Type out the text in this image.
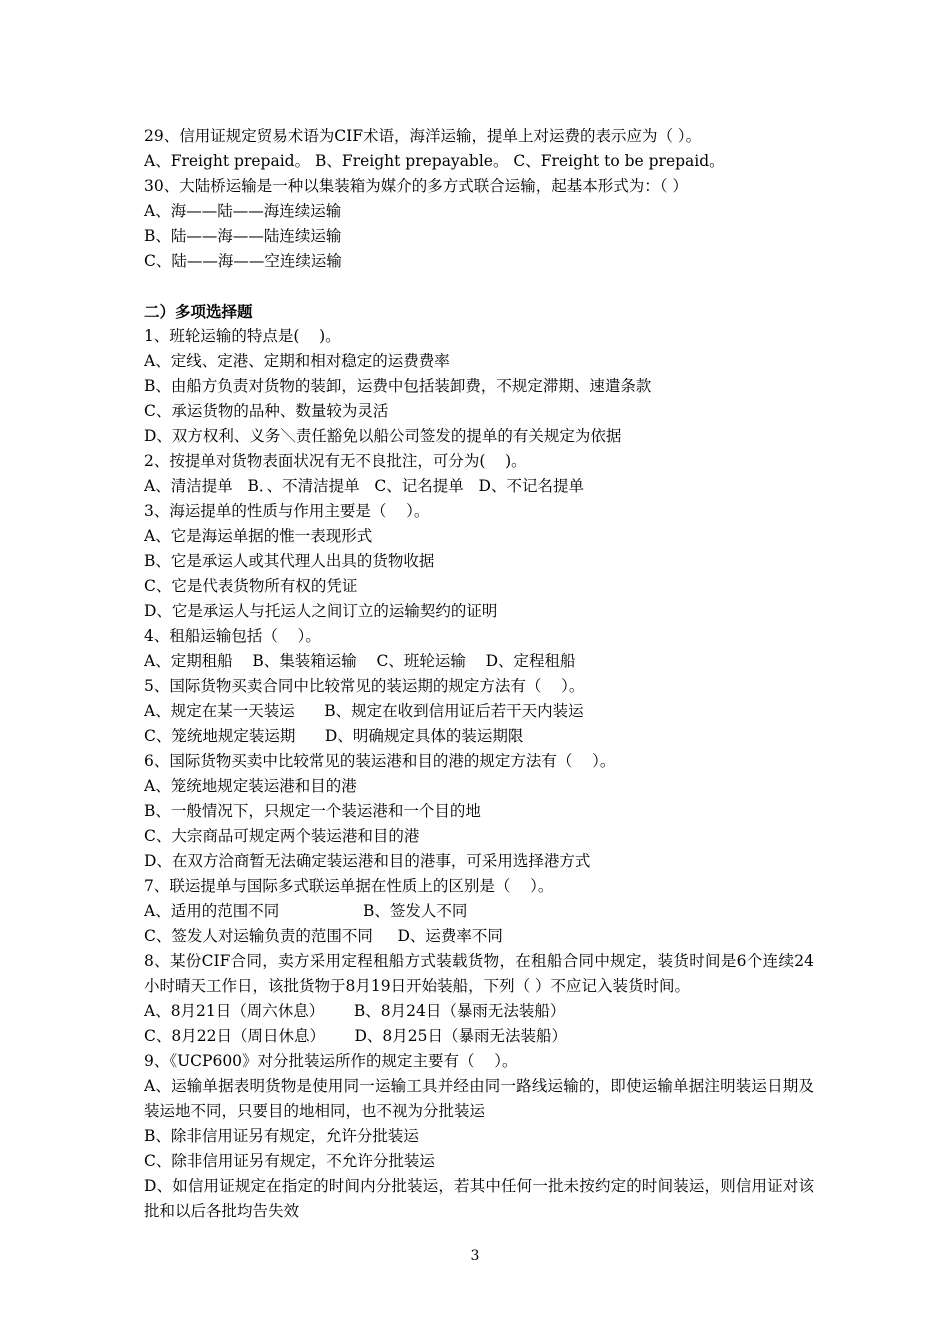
29、信用证规定贸易术语为CIF术语，海洋运输，提单上对运费的表示应为（ ）。
A、Freight prepaid。 B、Freight prepayable。 C、Freight to be prepaid。
30、大陆桥运输是一种以集装箱为媒介的多方式联合运输，起基本形式为：（ ）
A、海——陆——海连续运输
B、陆——海——陆连续运输
C、陆——海——空连续运输
二）多项选择题
1、班轮运输的特点是(    )。
A、定线、定港、定期和相对稳定的运费费率
B、由船方负责对货物的装卸，运费中包括装卸费，不规定滞期、速遣条款
C、承运货物的品种、数量较为灵活
D、双方权利、义务＼责任豁免以船公司签发的提单的有关规定为依据
2、按提单对货物表面状况有无不良批注，可分为(    )。
A、清洁提单   B．、不清洁提单   C、记名提单   D、不记名提单
3、海运提单的性质与作用主要是（    ）。
A、它是海运单据的惟一表现形式
B、它是承运人或其代理人出具的货物收据
C、它是代表货物所有权的凭证
D、它是承运人与托运人之间订立的运输契约的证明
4、租船运输包括（    ）。
A、定期租船    B、集装箱运输    C、班轮运输    D、定程租船
5、国际货物买卖合同中比较常见的装运期的规定方法有（    ）。
A、规定在某一天装运      B、规定在收到信用证后若干天内装运
C、笼统地规定装运期      D、明确规定具体的装运期限
6、国际货物买卖中比较常见的装运港和目的港的规定方法有（    ）。
A、笼统地规定装运港和目的港
B、一般情况下，只规定一个装运港和一个目的地
C、大宗商品可规定两个装运港和目的港
D、在双方洽商暂无法确定装运港和目的港事，可采用选择港方式
7、联运提单与国际多式联运单据在性质上的区别是（    ）。
A、适用的范围不同                 B、签发人不同
C、签发人对运输负责的范围不同     D、运费率不同
8、某份CIF合同，卖方采用定程租船方式装载货物，在租船合同中规定，装货时间是6个连续24小时晴天工作日，该批货物于8月19日开始装船，下列（ ）不应记入装货时间。
A、8月21日（周六休息）      B、8月24日（暴雨无法装船）
C、8月22日（周日休息）      D、8月25日（暴雨无法装船）
9、《UCP600》对分批装运所作的规定主要有（    ）。
A、运输单据表明货物是使用同一运输工具并经由同一路线运输的，即使运输单据注明装运日期及装运地不同，只要目的地相同，也不视为分批装运
B、除非信用证另有规定，允许分批装运
C、除非信用证另有规定，不允许分批装运
D、如信用证规定在指定的时间内分批装运，若其中任何一批未按约定的时间装运，则信用证对该批和以后各批均告失效
3
